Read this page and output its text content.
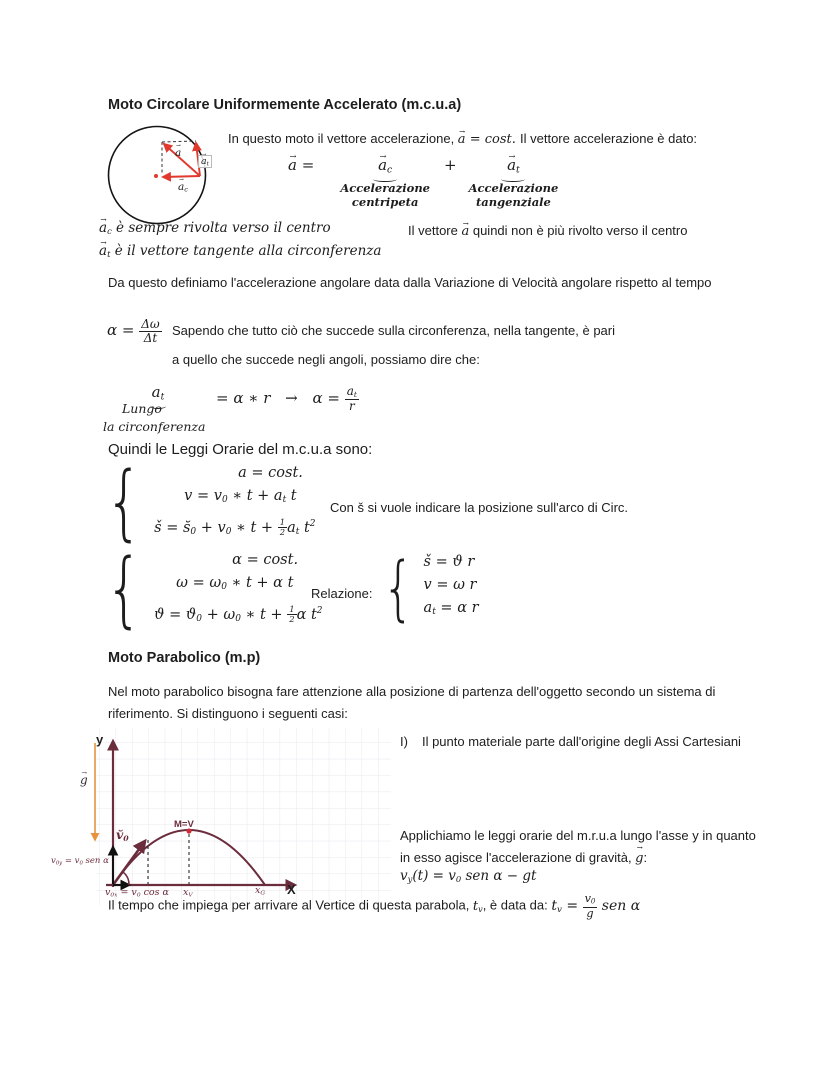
Moto Circolare Uniformemente Accelerato (m.c.u.a)
a →
$a \to_t$
$a \to_c$
In questo moto il vettore accelerazione, a → = cost. Il vettore accelerazione è dato:
a → =	$a \to_c$
Accelerazione
centripeta
+	$a \to_t$
Accelerazione
tangenziale
$a \to_c$ è sempre rivolta verso il centro	Il vettore a → quindi non è più rivolto verso il centro
$a \to_t$ è il vettore tangente alla circonferenza
Da questo definiamo l'accelerazione angolare data dalla Variazione di Velocità angolare rispetto al tempo
$\alpha = \frac{\Delta\omega}{\Delta t}$ Sapendo che tutto ciò che succede sulla circonferenza, nella tangente, è pari
a quello che succede negli angoli, possiamo dire che:
$a_t$
Lungo
la circonferenza
= α ∗ $r \to \alpha = \frac{a_t}{r}$
Quindi le Leggi Orarie del m.c.u.a sono:
{
a = cost.
$v = v_0$ ∗ $t + a_t$ t
š = $s̆_0 + v_0$ ∗ $t + \frac{1}{2} a_t$ $t^2$
Con š si vuole indicare la posizione sull'arco di Circ.
{
α = cost.
$\omega = \omega_0$ ∗ t + α t
$ϑ = ϑ_0 + \omega_0$ ∗ $t + \frac{1}{2}$ α $t^2$
Relazione:
{
š = ϑ r
v = ω r
$a_t = \alpha$ r
Moto Parabolico (m.p)
Nel moto parabolico bisogna fare attenzione alla posizione di partenza dell'oggetto secondo un sistema di riferimento. Si distinguono i seguenti casi:
y
X
g →
$v_{0y} = v_0$ sen α
$v̆_0$
M=V
$v_{0x} = v_0$ cos α $x_V$	$x_G$
I) Il punto materiale parte dall'origine degli Assi Cartesiani
Applichiamo le leggi orarie del m.r.u.a lungo l'asse y in quanto in esso agisce l'accelerazione di gravità, g →:
$v_y(t) = v_0$ sen α − gt
Il tempo che impiega per arrivare al Vertice di questa parabola, $t_v$, è data da: $t_v = \frac{v_0}{g}$ sen α
